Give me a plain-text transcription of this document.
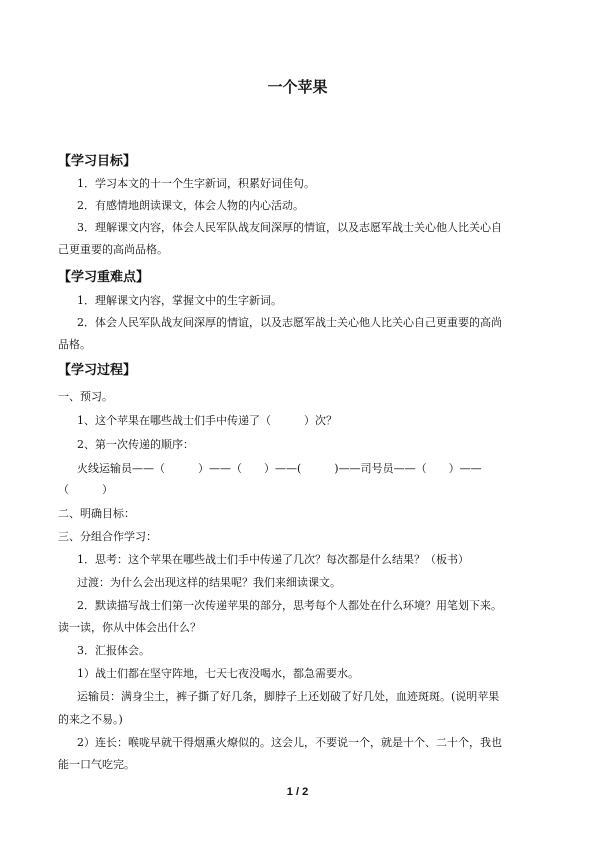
一个苹果
【学习目标】
1．学习本文的十一个生字新词，积累好词佳句。
2．有感情地朗读课文，体会人物的内心活动。
3．理解课文内容，体会人民军队战友间深厚的情谊，以及志愿军战士关心他人比关心自
己更重要的高尚品格。
【学习重难点】
1．理解课文内容，掌握文中的生字新词。
2．体会人民军队战友间深厚的情谊，以及志愿军战士关心他人比关心自己更重要的高尚
品格。
【学习过程】
一、预习。
1、这个苹果在哪些战士们手中传递了（　　　）次？
2、第一次传递的顺序：
火线运输员——（　　　）——（　　）——(　　　)——司号员——（　　）——
（　　　）
二、明确目标：
三、分组合作学习：
1．思考：这个苹果在哪些战士们手中传递了几次？每次都是什么结果？（板书）
过渡：为什么会出现这样的结果呢？我们来细读课文。
2．默读描写战士们第一次传递苹果的部分，思考每个人都处在什么环境？用笔划下来。
读一读，你从中体会出什么？
3．汇报体会。
1）战士们都在坚守阵地，七天七夜没喝水，都急需要水。
运输员：满身尘土，裤子撕了好几条，脚脖子上还划破了好几处，血迹斑斑。(说明苹果
的来之不易。)
2）连长：喉咙早就干得烟熏火燎似的。这会儿，不要说一个，就是十个、二十个，我也
能一口气吃完。
1 / 2
